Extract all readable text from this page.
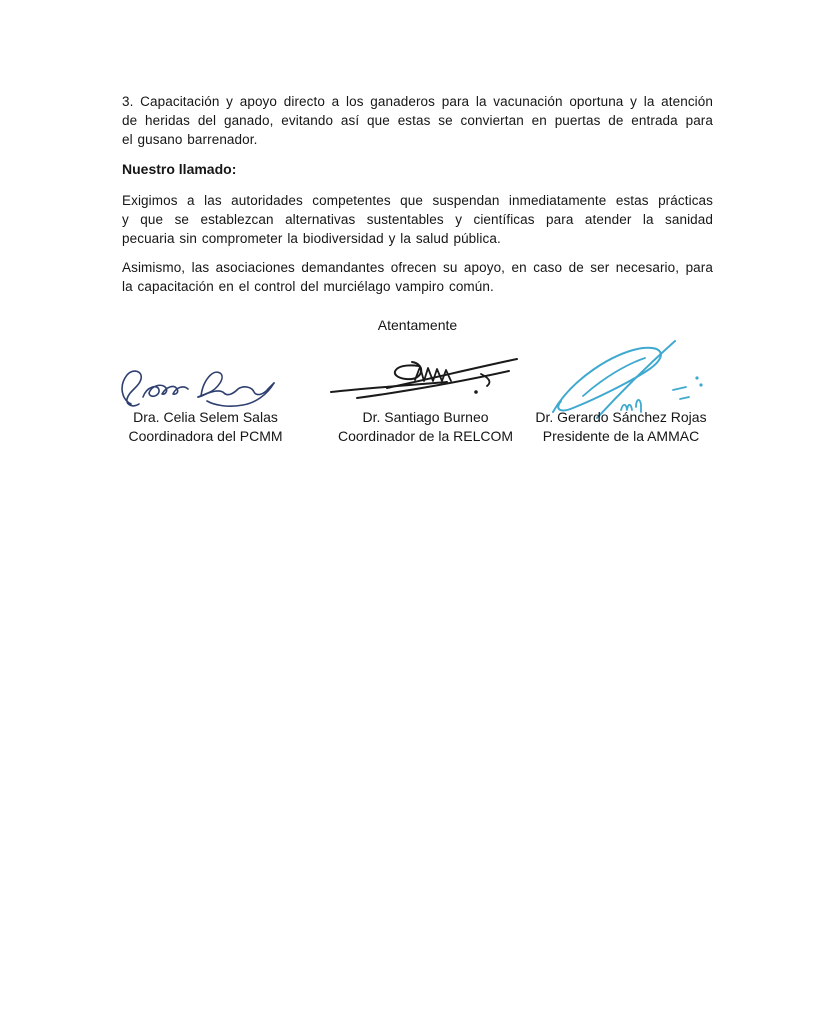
3. Capacitación y apoyo directo a los ganaderos para la vacunación oportuna y la atención
de heridas del ganado, evitando así que estas se conviertan en puertas de entrada para
el gusano barrenador.
Nuestro llamado:
Exigimos a las autoridades competentes que suspendan inmediatamente estas prácticas
y que se establezcan alternativas sustentables y científicas para atender la sanidad
pecuaria sin comprometer la biodiversidad y la salud pública.
Asimismo, las asociaciones demandantes ofrecen su apoyo, en caso de ser necesario, para
la capacitación en el control del murciélago vampiro común.
Atentamente
Dra. Celia Selem Salas
Coordinadora del PCMM
Dr. Santiago Burneo
Coordinador de la RELCOM
Dr. Gerardo Sánchez Rojas
Presidente de la AMMAC
